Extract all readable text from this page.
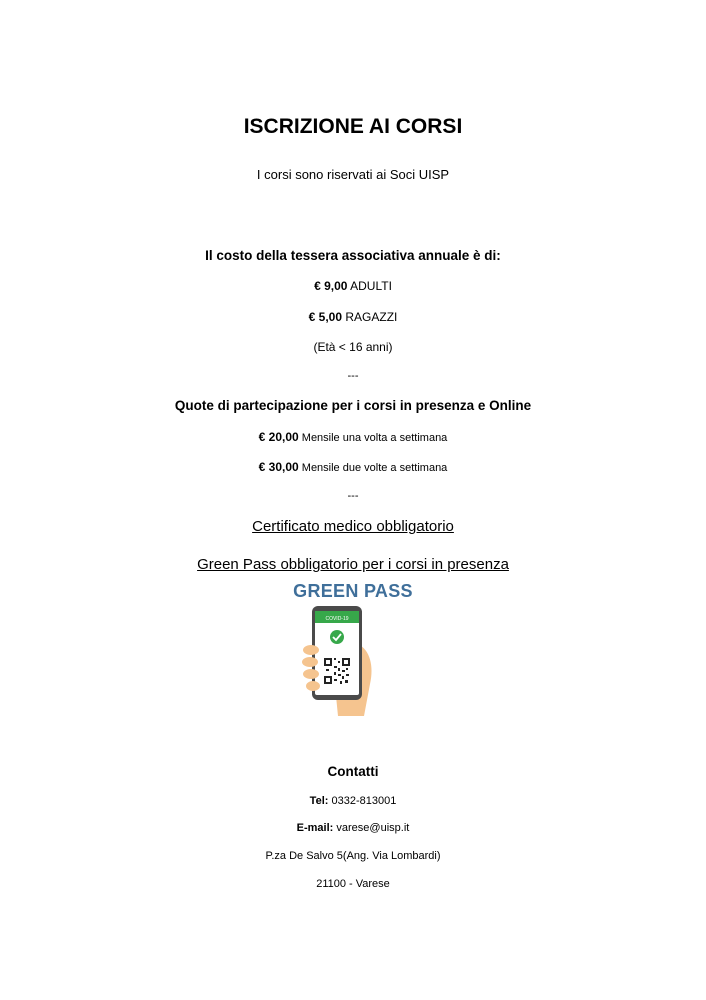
ISCRIZIONE AI CORSI
I corsi sono riservati ai Soci UISP
Il costo della tessera associativa annuale è di:
€ 9,00 ADULTI
€ 5,00 RAGAZZI
(Età < 16 anni)
---
Quote di partecipazione per i corsi in presenza e Online
€ 20,00 Mensile una volta a settimana
€ 30,00 Mensile due volte a settimana
---
Certificato medico obbligatorio
Green Pass obbligatorio per i corsi in presenza
GREEN PASS
COVID-19
Contatti
Tel: 0332-813001
E-mail: varese@uisp.it
P.za De Salvo 5(Ang. Via Lombardi)
21100 - Varese
